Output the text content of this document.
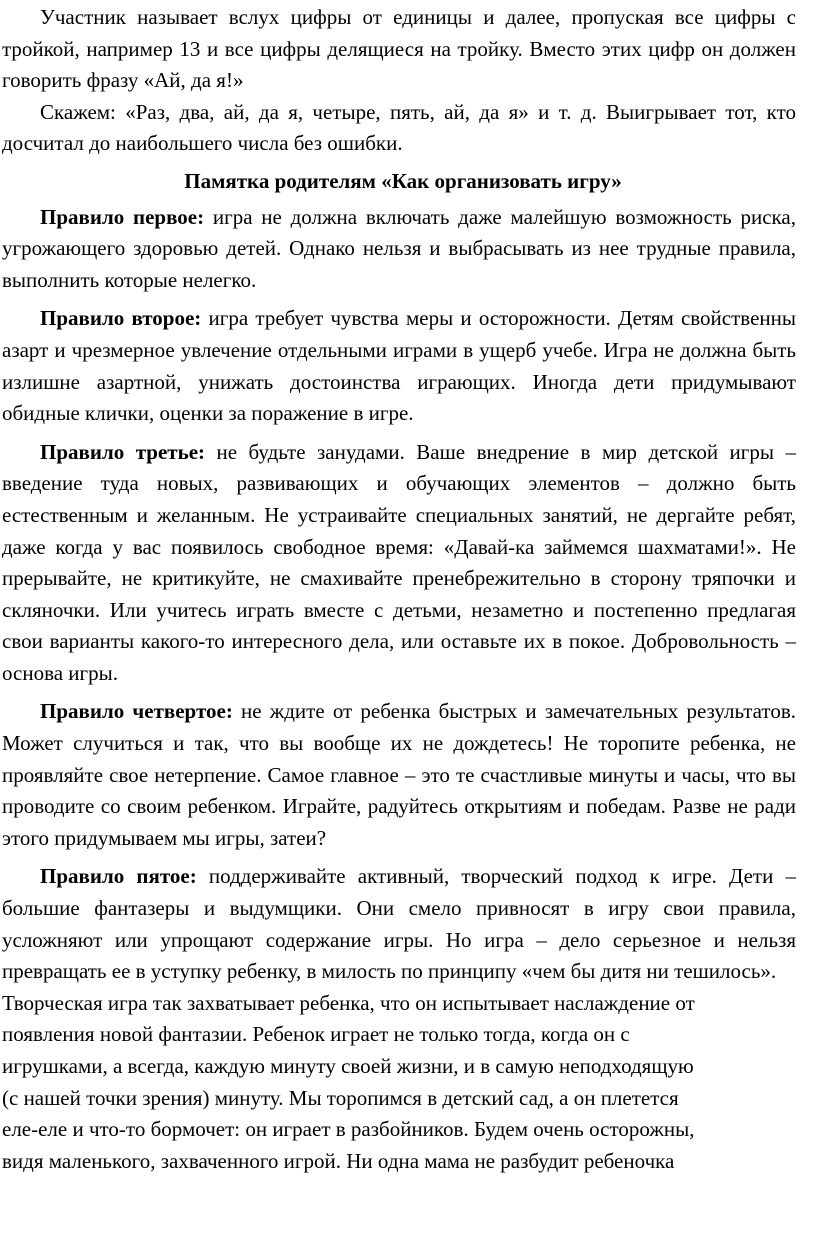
Участник называет вслух цифры от единицы и далее, пропуская все цифры с тройкой, например 13 и все цифры делящиеся на тройку. Вместо этих цифр он должен говорить фразу «Ай, да я!»

Скажем: «Раз, два, ай, да я, четыре, пять, ай, да я» и т. д. Выигрывает тот, кто досчитал до наибольшего числа без ошибки.

Памятка родителям «Как организовать игру»

Правило первое: игра не должна включать даже малейшую возможность риска, угрожающего здоровью детей. Однако нельзя и выбрасывать из нее трудные правила, выполнить которые нелегко.

Правило вторoе: игра требует чувства меры и осторожности. Детям свойственны азарт и чрезмерное увлечение отдельными играми в ущерб учебе. Игра не должна быть излишне азартной, унижать достоинства играющих. Иногда дети придумывают обидные клички, оценки за поражение в игре.

Правило третье: не будьте занудами. Ваше внедрение в мир детской игры – введение туда новых, развивающих и обучающих элементов – должно быть естественным и желанным. Не устраивайте специальных занятий, не дергайте ребят, даже когда у вас появилось свободное время: «Давай-ка займемся шахматами!». Не прерывайте, не критикуйте, не смахивайте пренебрежительно в сторону тряпочки и скляночки. Или учитесь играть вместе с детьми, незаметно и постепенно предлагая свои варианты какого-то интересного дела, или оставьте их в покое. Добровольность – основа игры.

Правило четвертое: не ждите от ребенка быстрых и замечательных результатов. Может случиться и так, что вы вообще их не дождетесь! Не торопите ребенка, не проявляйте свое нетерпение. Самое главное – это те счастливые минуты и часы, что вы проводите со своим ребенком. Играйте, радуйтесь открытиям и победам. Разве не ради этого придумываем мы игры, затеи?

Правило пятое: поддерживайте активный, творческий подход к игре. Дети – большие фантазеры и выдумщики. Они смело привносят в игру свои правила, усложняют или упрощают содержание игры. Но игра – дело серьезное и нельзя превращать ее в уступку ребенку, в милость по принципу «чем бы дитя ни тешилось».

Творческая игра так захватывает ребенка, что он испытывает наслаждение от
появления новой фантазии. Ребенок играет не только тогда, когда он с
игрушками, а всегда, каждую минуту своей жизни, и в самую неподходящую
(с нашей точки зрения) минуту. Мы торопимся в детский сад, а он плетется
еле-еле и что-то бормочет: он играет в разбойников. Будем очень осторожны,
видя маленького, захваченного игрой. Ни одна мама не разбудит ребеночка
